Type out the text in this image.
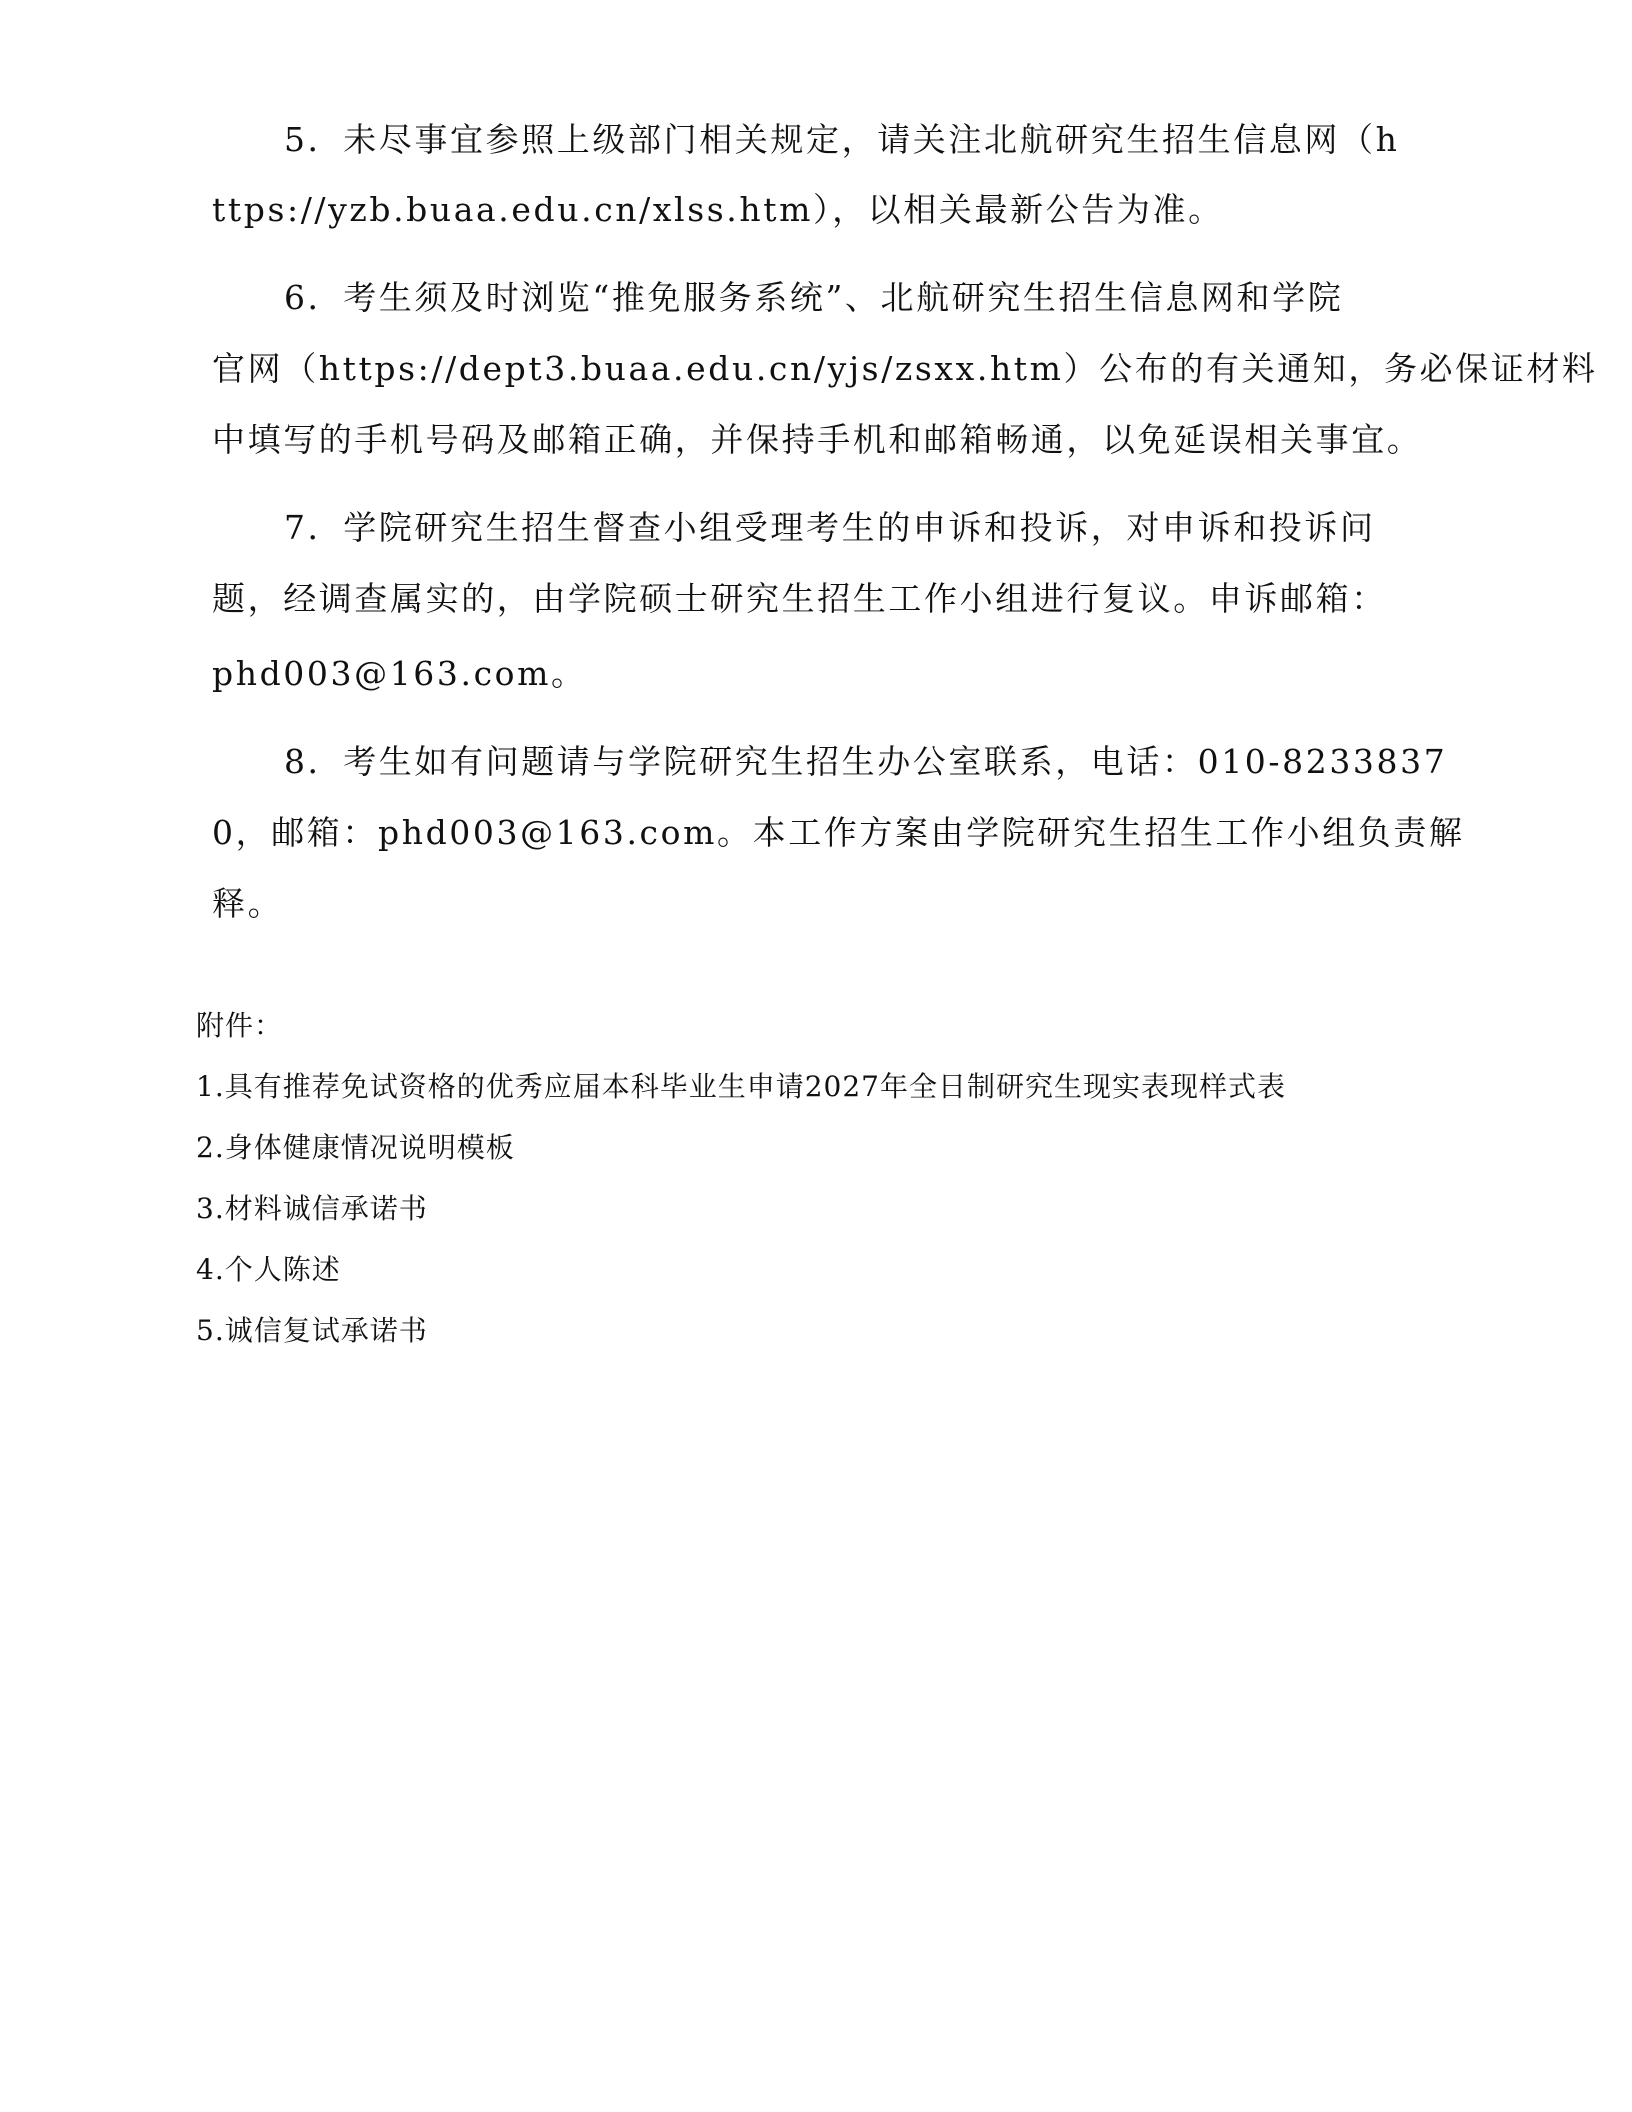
5．未尽事宜参照上级部门相关规定，请关注北航研究生招生信息网（h
ttps://yzb.buaa.edu.cn/xlss.htm），以相关最新公告为准。
6．考生须及时浏览“推免服务系统”、北航研究生招生信息网和学院
官网（https://dept3.buaa.edu.cn/yjs/zsxx.htm）公布的有关通知，务必保证材料
中填写的手机号码及邮箱正确，并保持手机和邮箱畅通，以免延误相关事宜。
7．学院研究生招生督查小组受理考生的申诉和投诉，对申诉和投诉问
题，经调查属实的，由学院硕士研究生招生工作小组进行复议。申诉邮箱：
phd003@163.com。
8．考生如有问题请与学院研究生招生办公室联系，电话：010-8233837
0，邮箱：phd003@163.com。本工作方案由学院研究生招生工作小组负责解
释。
附件：
1.具有推荐免试资格的优秀应届本科毕业生申请2027年全日制研究生现实表现样式表
2.身体健康情况说明模板
3.材料诚信承诺书
4.个人陈述
5.诚信复试承诺书
